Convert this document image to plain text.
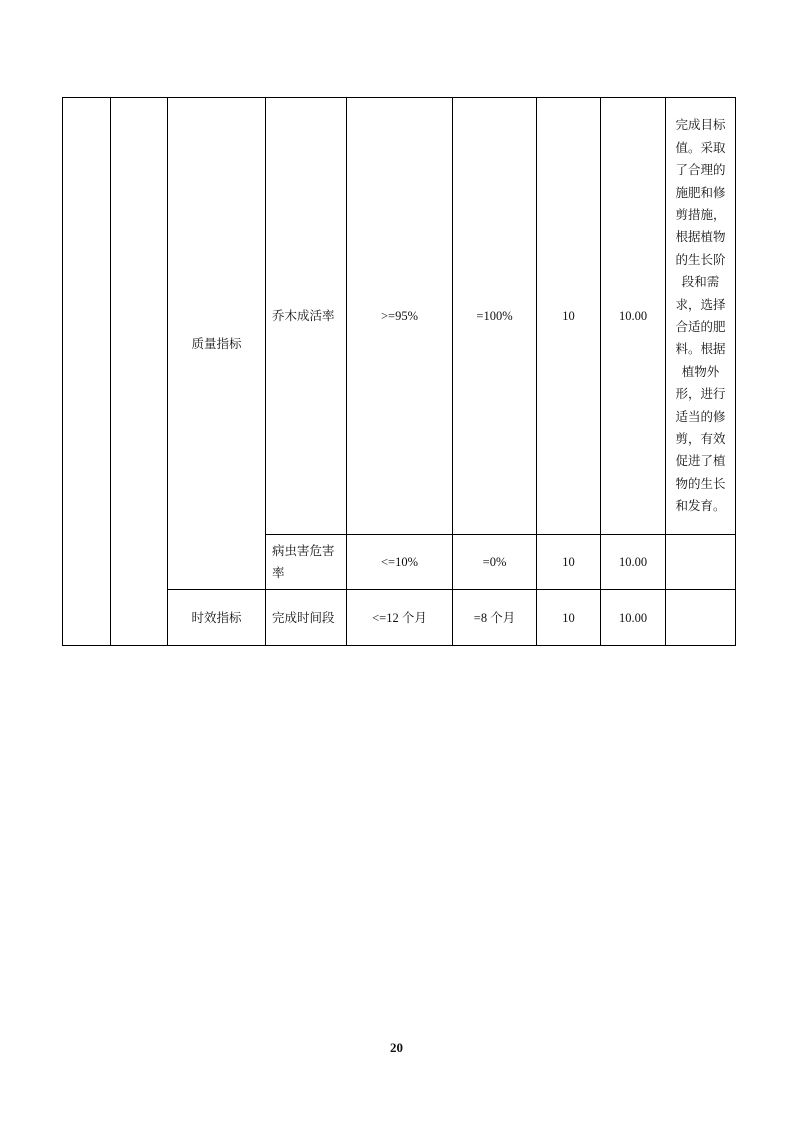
		质量指标	乔木成活率	>=95%	=100%	10	10.00	完成目标值。采取了合理的施肥和修剪措施，根据植物的生长阶段和需求，选择合适的肥料。根据植物外形，进行适当的修剪，有效促进了植物的生长和发育。

			病虫害危害率	<=10%	=0%	10	10.00	
		时效指标	完成时间段	<=12 个月	=8 个月	10	10.00	
20
